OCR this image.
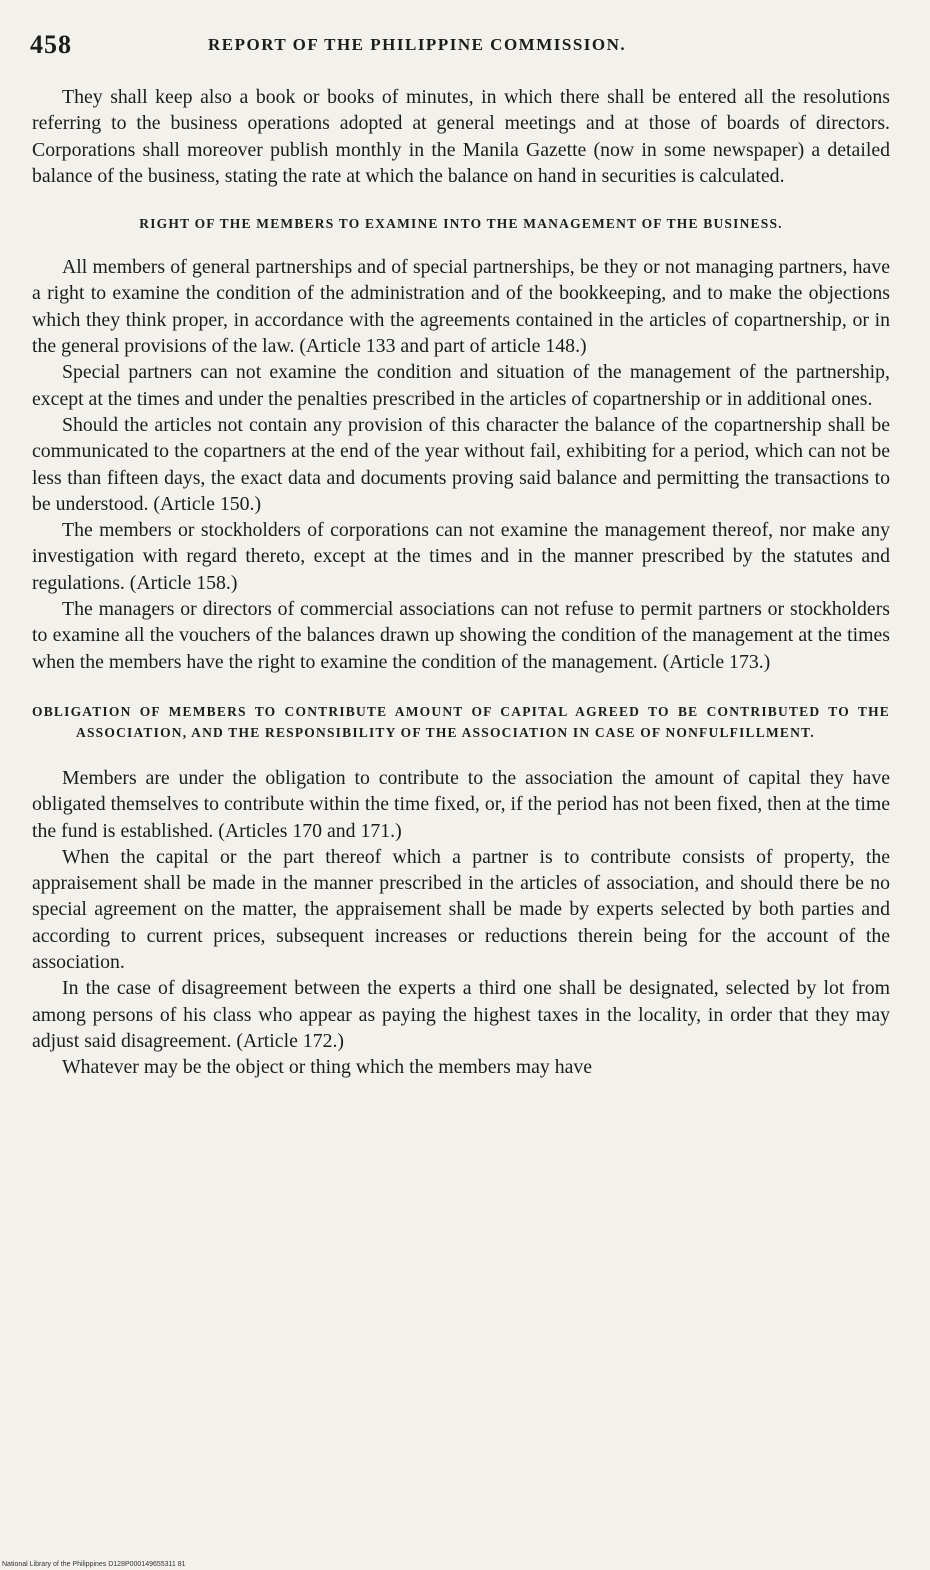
458	REPORT OF THE PHILIPPINE COMMISSION.

They shall keep also a book or books of minutes, in which there shall be entered all the resolutions referring to the business operations adopted at general meetings and at those of boards of directors. Corporations shall moreover publish monthly in the Manila Gazette (now in some newspaper) a detailed balance of the business, stating the rate at which the balance on hand in securities is calculated.

RIGHT OF THE MEMBERS TO EXAMINE INTO THE MANAGEMENT OF THE BUSINESS.

All members of general partnerships and of special partnerships, be they or not managing partners, have a right to examine the condition of the administration and of the bookkeeping, and to make the objections which they think proper, in accordance with the agreements contained in the articles of copartnership, or in the general provisions of the law. (Article 133 and part of article 148.)

Special partners can not examine the condition and situation of the management of the partnership, except at the times and under the penalties prescribed in the articles of copartnership or in additional ones.

Should the articles not contain any provision of this character the balance of the copartnership shall be communicated to the copartners at the end of the year without fail, exhibiting for a period, which can not be less than fifteen days, the exact data and documents proving said balance and permitting the transactions to be understood. (Article 150.)

The members or stockholders of corporations can not examine the management thereof, nor make any investigation with regard thereto, except at the times and in the manner prescribed by the statutes and regulations. (Article 158.)

The managers or directors of commercial associations can not refuse to permit partners or stockholders to examine all the vouchers of the balances drawn up showing the condition of the management at the times when the members have the right to examine the condition of the management. (Article 173.)

OBLIGATION OF MEMBERS TO CONTRIBUTE AMOUNT OF CAPITAL AGREED TO BE CONTRIBUTED TO THE ASSOCIATION, AND THE RESPONSIBILITY OF THE ASSOCIATION IN CASE OF NONFULFILLMENT.

Members are under the obligation to contribute to the association the amount of capital they have obligated themselves to contribute within the time fixed, or, if the period has not been fixed, then at the time the fund is established. (Articles 170 and 171.)

When the capital or the part thereof which a partner is to contribute consists of property, the appraisement shall be made in the manner prescribed in the articles of association, and should there be no special agreement on the matter, the appraisement shall be made by experts selected by both parties and according to current prices, subsequent increases or reductions therein being for the account of the association.

In the case of disagreement between the experts a third one shall be designated, selected by lot from among persons of his class who appear as paying the highest taxes in the locality, in order that they may adjust said disagreement. (Article 172.)

Whatever may be the object or thing which the members may have

National Library of the Philippines D128P000149655311 81
